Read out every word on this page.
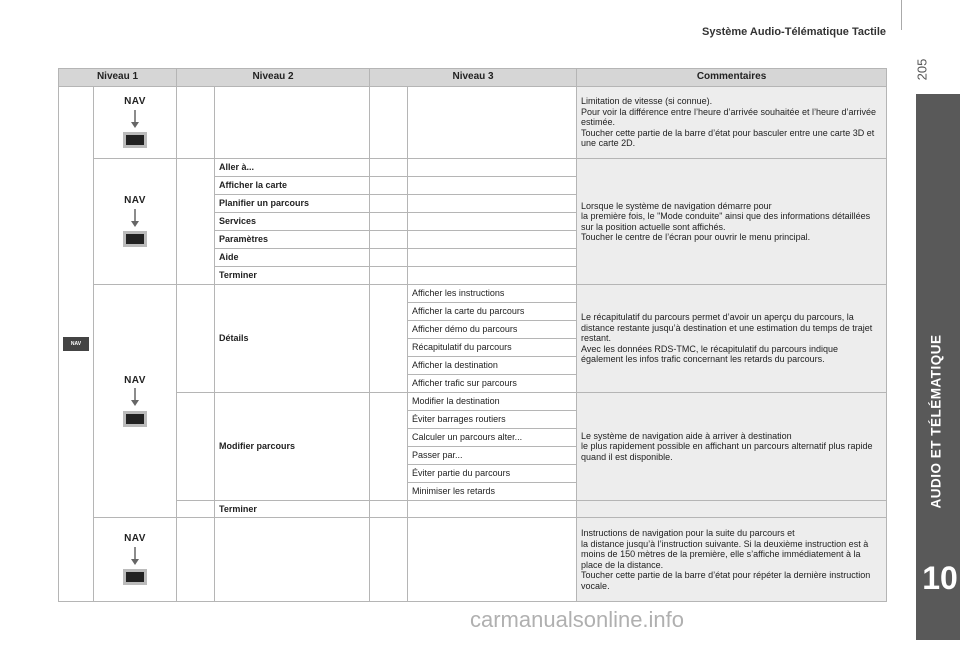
Système Audio-Télématique Tactile
205
AUDIO ET TÉLÉMATIQUE
10
Niveau 1		Niveau 2		Niveau 3		Commentaires

NAV	NAV					Limitation de vitesse (si connue).
Pour voir la différence entre l’heure d’arrivée souhaitée et l’heure d’arrivée estimée.
Toucher cette partie de la barre d’état pour basculer entre une carte 3D et une carte 2D.

	NAV		Aller à...			Lorsque le système de navigation démarre pour
la première fois, le "Mode conduite" ainsi que des informations détaillées sur la position actuelle sont affichés.
Toucher le centre de l’écran pour ouvrir le menu principal.
			Afficher la carte			
			Planifier un parcours			
			Services			
			Paramètres			
			Aide			
			Terminer			

	NAV		Détails		Afficher les instructions	Le récapitulatif du parcours permet d’avoir un aperçu du parcours, la distance restante jusqu’à destination et une estimation du temps de trajet restant.
Avec les données RDS-TMC, le récapitulatif du parcours indique également les infos trafic concernant les retards du parcours.
					Afficher la carte du parcours	
					Afficher démo du parcours	
					Récapitulatif du parcours	
					Afficher la destination	
					Afficher trafic sur parcours	
			Modifier parcours		Modifier la destination	Le système de navigation aide à arriver à destination
le plus rapidement possible en affichant un parcours alternatif plus rapide quand il est disponible.
					Éviter barrages routiers	
					Calculer un parcours alter...	
					Passer par...	
					Éviter partie du parcours	
					Minimiser les retards	
			Terminer			

	NAV					Instructions de navigation pour la suite du parcours et
la distance jusqu’à l’instruction suivante. Si la deuxième instruction est à moins de 150 mètres de la première, elle s’affiche immédiatement à la place de la distance.
Toucher cette partie de la barre d’état pour répéter la dernière instruction vocale.
carmanualsonline.info
